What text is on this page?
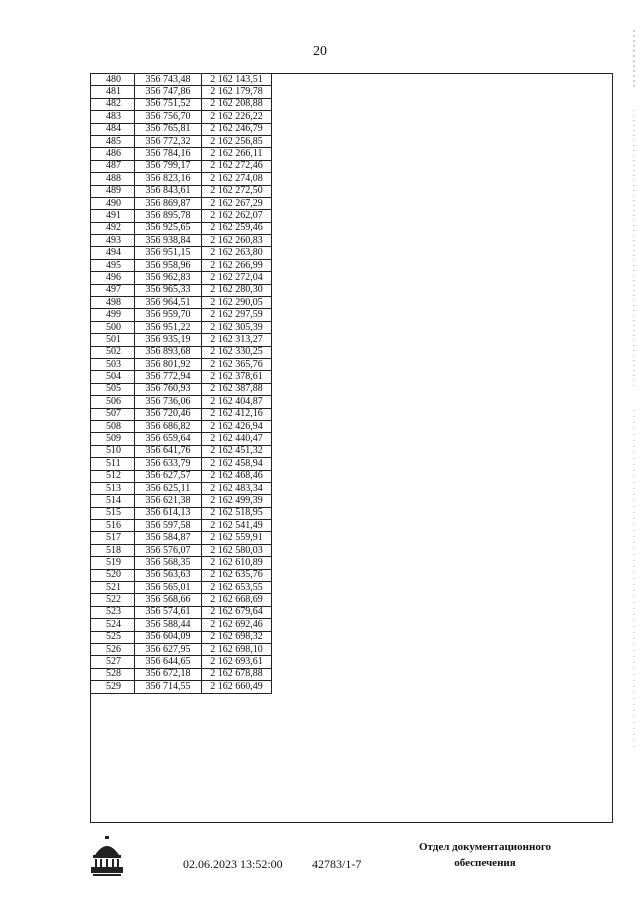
20
480	356 743,48	2 162 143,51
481	356 747,86	2 162 179,78
482	356 751,52	2 162 208,88
483	356 756,70	2 162 226,22
484	356 765,81	2 162 246,79
485	356 772,32	2 162 256,85
486	356 784,16	2 162 266,11
487	356 799,17	2 162 272,46
488	356 823,16	2 162 274,08
489	356 843,61	2 162 272,50
490	356 869,87	2 162 267,29
491	356 895,78	2 162 262,07
492	356 925,65	2 162 259,46
493	356 938,84	2 162 260,83
494	356 951,15	2 162 263,80
495	356 958,96	2 162 266,99
496	356 962,83	2 162 272,04
497	356 965,33	2 162 280,30
498	356 964,51	2 162 290,05
499	356 959,70	2 162 297,59
500	356 951,22	2 162 305,39
501	356 935,19	2 162 313,27
502	356 893,68	2 162 330,25
503	356 801,92	2 162 365,76
504	356 772,94	2 162 378,61
505	356 760,93	2 162 387,88
506	356 736,06	2 162 404,87
507	356 720,46	2 162 412,16
508	356 686,82	2 162 426,94
509	356 659,64	2 162 440,47
510	356 641,76	2 162 451,32
511	356 633,79	2 162 458,94
512	356 627,57	2 162 468,46
513	356 625,11	2 162 483,34
514	356 621,38	2 162 499,39
515	356 614,13	2 162 518,95
516	356 597,58	2 162 541,49
517	356 584,87	2 162 559,91
518	356 576,07	2 162 580,03
519	356 568,35	2 162 610,89
520	356 563,63	2 162 635,76
521	356 565,01	2 162 653,55
522	356 568,66	2 162 668,69
523	356 574,61	2 162 679,64
524	356 588,44	2 162 692,46
525	356 604,09	2 162 698,32
526	356 627,95	2 162 698,10
527	356 644,65	2 162 693,61
528	356 672,18	2 162 678,88
529	356 714,55	2 162 660,49
02.06.2023 13:52:00 42783/1-7
Отдел документационного
обеспечения
